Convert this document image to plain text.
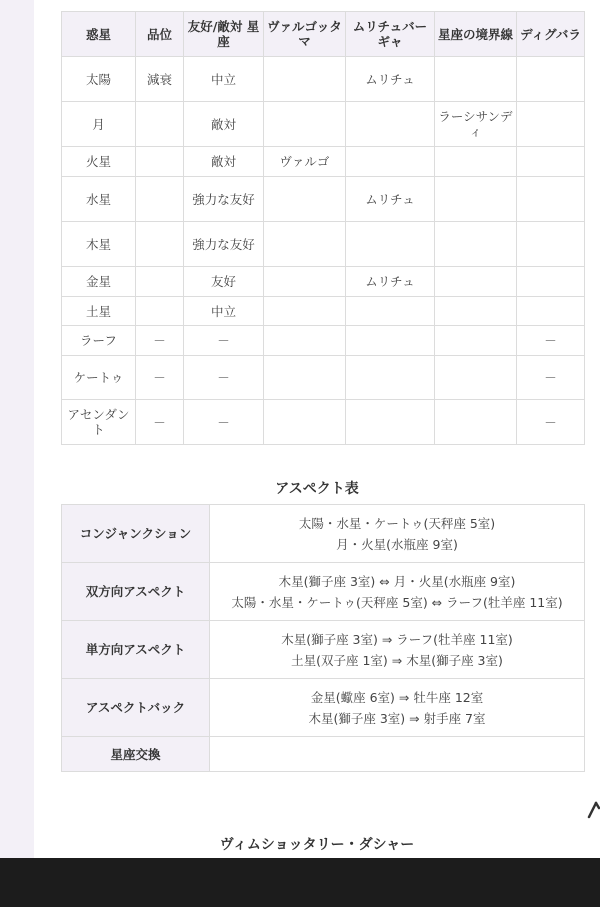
惑星	品位	友好/敵対 星座	ヴァルゴッタマ	ムリチュバーギャ	星座の境界線	ディグバラ
太陽	減衰	中立		ムリチュ		
月		敵対			ラーシサンディ	
火星		敵対	ヴァルゴ			
水星		強力な友好		ムリチュ		
木星		強力な友好				
金星		友好		ムリチュ		
土星		中立				
ラーフ	－	－				－
ケートゥ	－	－				－
アセンダント	－	－				－
アスペクト表
コンジャンクション	太陽・水星・ケートゥ(天秤座 5室)
月・火星(水瓶座 9室)

双方向アスペクト	木星(獅子座 3室) ⇔ 月・火星(水瓶座 9室)
太陽・水星・ケートゥ(天秤座 5室) ⇔ ラーフ(牡羊座 11室)

単方向アスペクト	木星(獅子座 3室) ⇒ ラーフ(牡羊座 11室)
土星(双子座 1室) ⇒ 木星(獅子座 3室)

アスペクトバック	金星(蠍座 6室) ⇒ 牡牛座 12室
木星(獅子座 3室) ⇒ 射手座 7室

星座交換	
ヴィムショッタリー・ダシャー
